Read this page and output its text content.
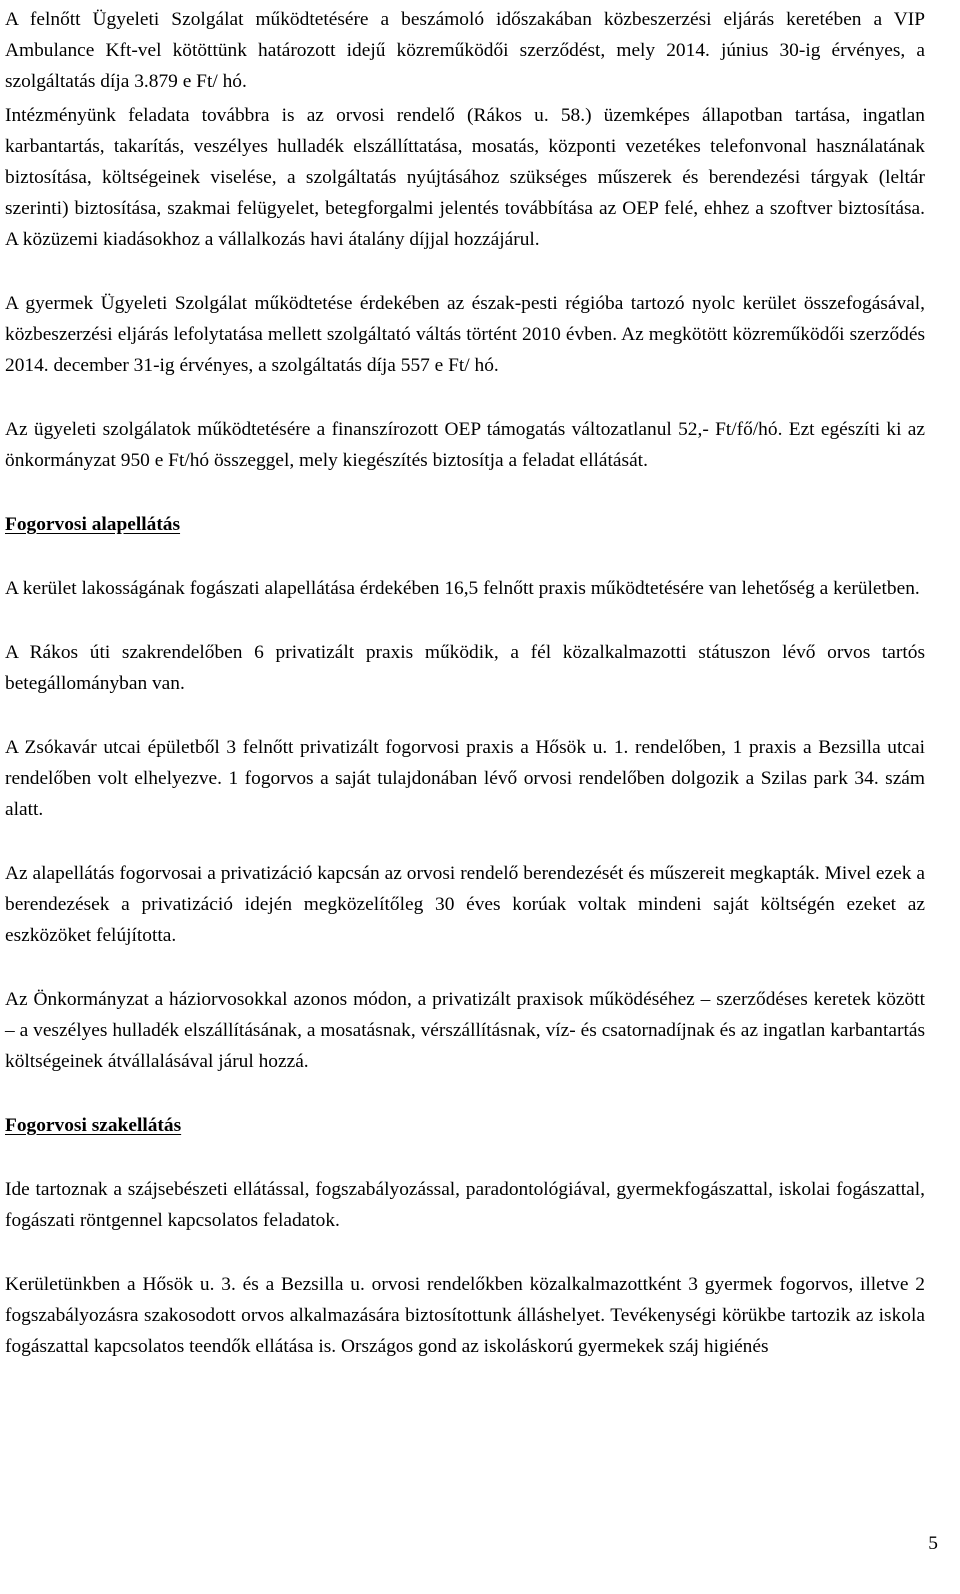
A felnőtt Ügyeleti Szolgálat működtetésére a beszámoló időszakában közbeszerzési eljárás keretében a VIP Ambulance Kft-vel kötöttünk határozott idejű közreműködői szerződést, mely 2014. június 30-ig érvényes, a szolgáltatás díja 3.879 e Ft/ hó.

Intézményünk feladata továbbra is az orvosi rendelő (Rákos u. 58.) üzemképes állapotban tartása, ingatlan karbantartás, takarítás, veszélyes hulladék elszállíttatása, mosatás, központi vezetékes telefonvonal használatának biztosítása, költségeinek viselése, a szolgáltatás nyújtásához szükséges műszerek és berendezési tárgyak (leltár szerinti) biztosítása, szakmai felügyelet, betegforgalmi jelentés továbbítása az OEP felé, ehhez a szoftver biztosítása. A közüzemi kiadásokhoz a vállalkozás havi átalány díjjal hozzájárul.

A gyermek Ügyeleti Szolgálat működtetése érdekében az észak-pesti régióba tartozó nyolc kerület összefogásával, közbeszerzési eljárás lefolytatása mellett szolgáltató váltás történt 2010 évben. Az megkötött közreműködői szerződés 2014. december 31-ig érvényes, a szolgáltatás díja 557 e Ft/ hó.

Az ügyeleti szolgálatok működtetésére a finanszírozott OEP támogatás változatlanul 52,- Ft/fő/hó. Ezt egészíti ki az önkormányzat 950 e Ft/hó összeggel, mely kiegészítés biztosítja a feladat ellátását.

Fogorvosi alapellátás

A kerület lakosságának fogászati alapellátása érdekében 16,5 felnőtt praxis működtetésére van lehetőség a kerületben.

A Rákos úti szakrendelőben 6 privatizált praxis működik, a fél közalkalmazotti státuszon lévő orvos tartós betegállományban van.

A Zsókavár utcai épületből 3 felnőtt privatizált fogorvosi praxis a Hősök u. 1. rendelőben, 1 praxis a Bezsilla utcai rendelőben volt elhelyezve. 1 fogorvos a saját tulajdonában lévő orvosi rendelőben dolgozik a Szilas park 34. szám alatt.

Az alapellátás fogorvosai a privatizáció kapcsán az orvosi rendelő berendezését és műszereit megkapták. Mivel ezek a berendezések a privatizáció idején megközelítőleg 30 éves korúak voltak mindeni saját költségén ezeket az eszközöket felújította.

Az Önkormányzat a háziorvosokkal azonos módon, a privatizált praxisok működéséhez – szerződéses keretek között – a veszélyes hulladék elszállításának, a mosatásnak, vérszállításnak, víz- és csatornadíjnak és az ingatlan karbantartás költségeinek átvállalásával járul hozzá.

Fogorvosi szakellátás

Ide tartoznak a szájsebészeti ellátással, fogszabályozással, paradontológiával, gyermekfogászattal, iskolai fogászattal, fogászati röntgennel kapcsolatos feladatok.

Kerületünkben a Hősök u. 3. és a Bezsilla u. orvosi rendelőkben közalkalmazottként 3 gyermek fogorvos, illetve 2 fogszabályozásra szakosodott orvos alkalmazására biztosítottunk álláshelyet. Tevékenységi körükbe tartozik az iskola fogászattal kapcsolatos teendők ellátása is. Országos gond az iskoláskorú gyermekek száj higiénés

5
